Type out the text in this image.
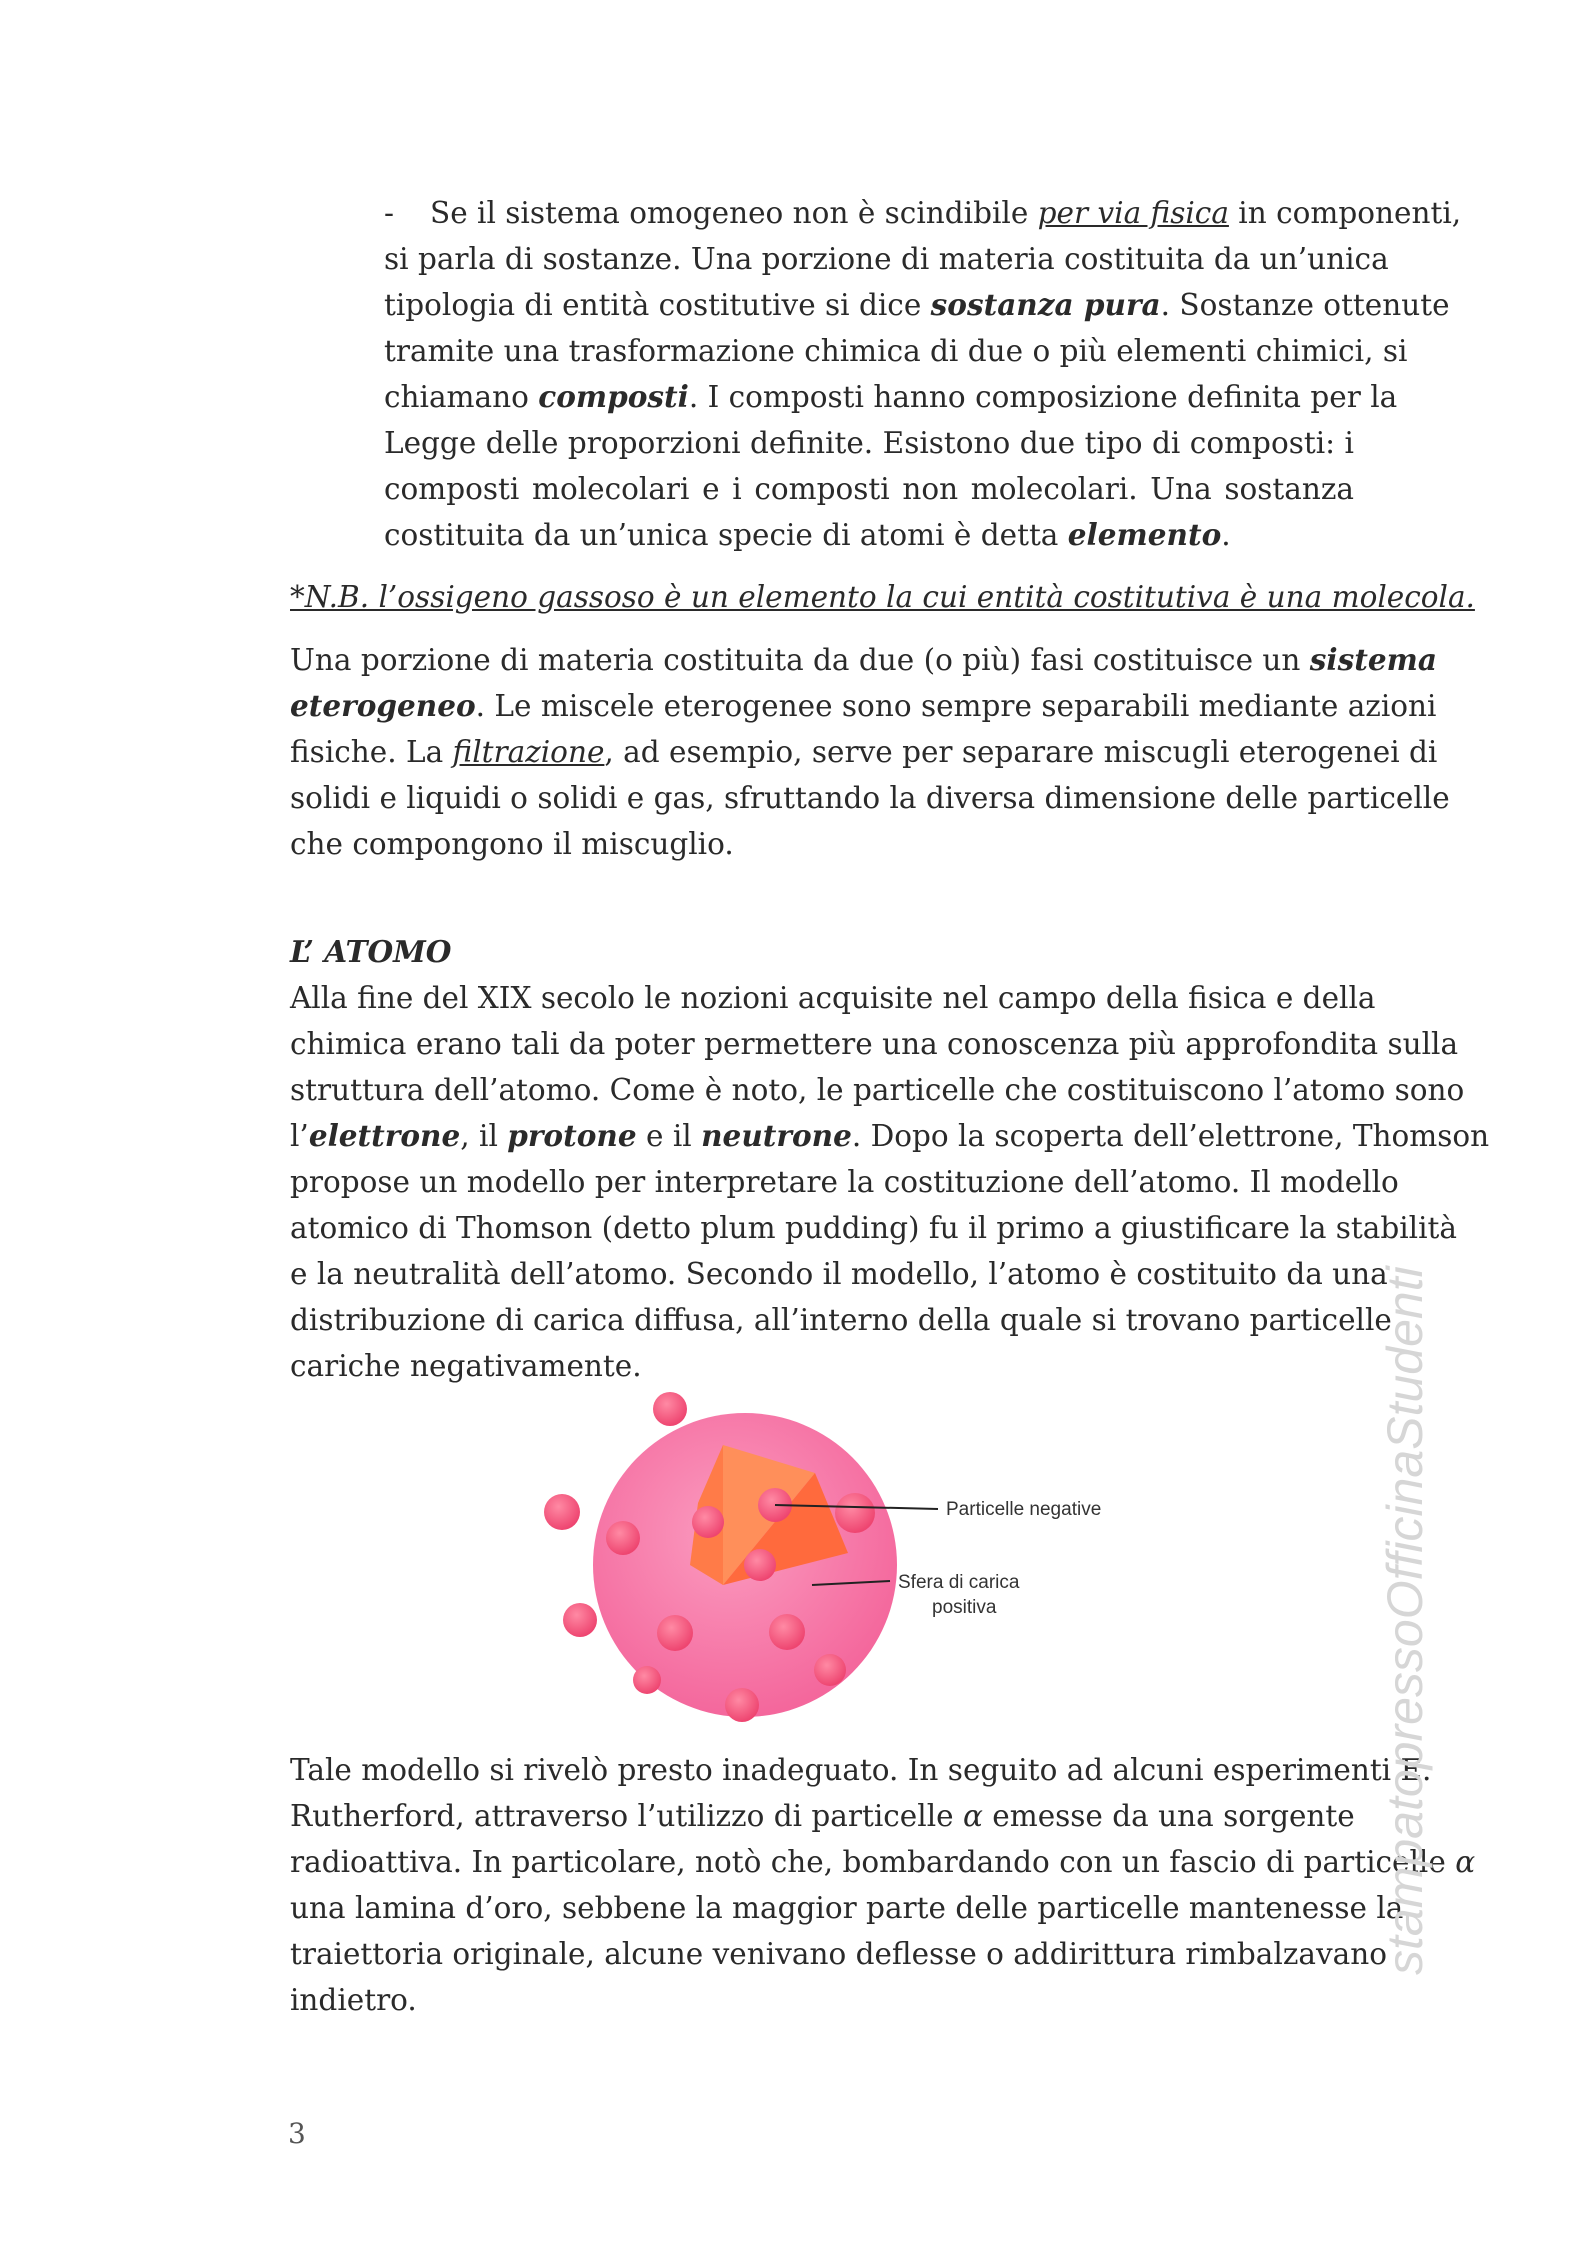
- Se il sistema omogeneo non è scindibile per via fisica in componenti,
si parla di sostanze. Una porzione di materia costituita da un’unica
tipologia di entità costitutive si dice sostanza pura. Sostanze ottenute
tramite una trasformazione chimica di due o più elementi chimici, si
chiamano composti. I composti hanno composizione definita per la
Legge delle proporzioni definite. Esistono due tipo di composti: i
composti molecolari e i composti non molecolari. Una sostanza
costituita da un’unica specie di atomi è detta elemento.

*N.B. l’ossigeno gassoso è un elemento la cui entità costitutiva è una molecola.

Una porzione di materia costituita da due (o più) fasi costituisce un sistema
eterogeneo. Le miscele eterogenee sono sempre separabili mediante azioni
fisiche. La filtrazione, ad esempio, serve per separare miscugli eterogenei di
solidi e liquidi o solidi e gas, sfruttando la diversa dimensione delle particelle
che compongono il miscuglio.

L’ ATOMO

Alla fine del XIX secolo le nozioni acquisite nel campo della fisica e della
chimica erano tali da poter permettere una conoscenza più approfondita sulla
struttura dell’atomo. Come è noto, le particelle che costituiscono l’atomo sono
l’elettrone, il protone e il neutrone. Dopo la scoperta dell’elettrone, Thomson
propose un modello per interpretare la costituzione dell’atomo. Il modello
atomico di Thomson (detto plum pudding) fu il primo a giustificare la stabilità
e la neutralità dell’atomo. Secondo il modello, l’atomo è costituito da una
distribuzione di carica diffusa, all’interno della quale si trovano particelle
cariche negativamente.
Particelle negative
Sfera di carica
positiva
Tale modello si rivelò presto inadeguato. In seguito ad alcuni esperimenti E.
Rutherford, attraverso l’utilizzo di particelle α emesse da una sorgente
radioattiva. In particolare, notò che, bombardando con un fascio di particelle α
una lamina d’oro, sebbene la maggior parte delle particelle mantenesse la
traiettoria originale, alcune venivano deflesse o addirittura rimbalzavano
indietro.
stampatopressoOfficinaStudenti

3
